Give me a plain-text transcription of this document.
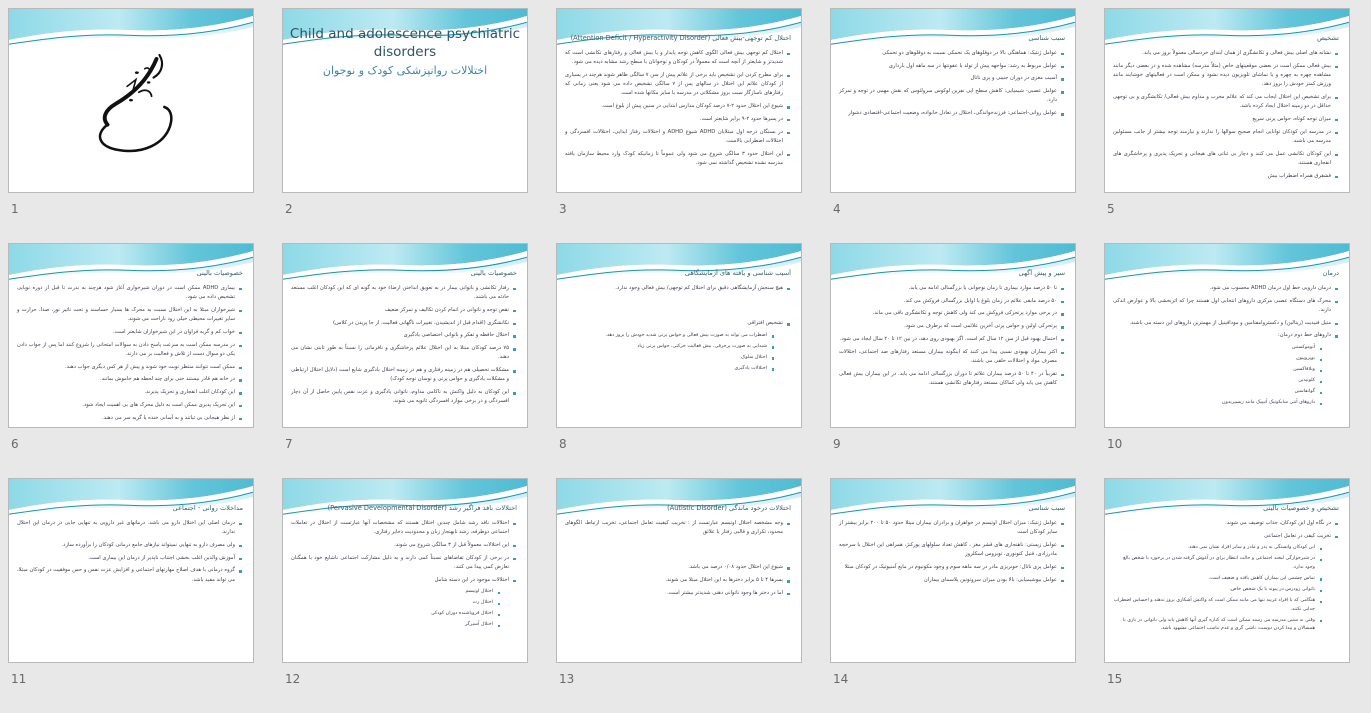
1
Child and adolescence psychiatric disorders
اختلالات روانپزشکی کودک و نوجوان
2
اختلال کم توجهی-بیش فعالی (Attention Deficit / Hyperactivity Disorder)
اختلال کم توجهی بیش فعالی الگوی کاهش توجه پایدار و یا بیش فعالی و رفتارهای تکانشی است که شدیدتر و شایعتر از آنچه است که معمولاً در کودکان و نوجوانان با سطح رشد مشابه دیده می شود.
برای مطرح کردن این تشخیص باید برخی از علائم پیش از سن ۷ سالگی ظاهر شوند هرچند در بسیاری از کودکان علائم این اختلال در سالهای پس از ۷ سالگی تشخیص داده می شود یعنی زمانی که رفتارهای ناسازگار سبب بروز مشکلاتی در مدرسه یا سایر مکانها شده است.
شیوع این اختلال حدود ۲-۷ درصد کودکان مدارس ابتدایی در سنین پیش از بلوغ است.
در پسرها حدود ۲-۹ برابر شایعتر است.
در بستگان درجه اول مبتلایان ADHD شیوع ADHD و اختلالات رفتار ایذایی، اختلالات افسردگی و اختلالات اضطرابی بالاست.
این اختلال حدود ۳ سالگی شروع می شود ولی عموماً تا زمانیکه کودک وارد محیط سازمان یافته مدرسه نشده تشخیص گذاشته نمی شود.
3
سبب شناسی
عوامل ژنتیک: هماهنگی بالا در دوقلوهای یک تخمکی نسبت به دوقلوهای دو تخمکی
عوامل مربوط به رشد: مواجهه پیش از تولد با عفونتها در سه ماهه اول بارداری
آسیب مغزی در دوران جنینی و پری ناتال
عوامل عصبی- شیمیایی: کاهش سطح اپی نفرین لوکوس سرولئوس که نقش مهمی در توجه و تمرکز دارد.
عوامل روانی-اجتماعی: فرزندخواندگی، اختلال در تعادل خانواده، وضعیت اجتماعی-اقتصادی دشوار
4
تشخیص
نشانه های اصلی بیش فعالی و تکانشگری از همان ابتدای خردسالی معمولاً بروز می یابد.
بیش فعالی ممکن است در بعضی موقعیتهای خاص (مثلاً مدرسه) مشاهده شده و در بعضی دیگر مانند مشاهده چهره به چهره و یا تماشای تلویزیون دیده نشود و ممکن است در فعالیتهای خوشایند مانند ورزش کمتر خودش را بروز دهد.
برای تشخیص این اختلال ایجاب می کند که علائم مخرب و مداوم بیش فعالی/ تکانشگری و بی توجهی حداقل در دو زمینه اختلال ایجاد کرده باشد.
میزان توجه کوتاه، حواس پرتی سریع
در مدرسه این کودکان توانایی انجام صحیح سوالها را ندارند و نیازمند توجه بیشتر از جانب مسئولین مدرسه می باشند.
این کودکان تکانشی عمل می کنند و دچار بی ثباتی های هیجانی و تحریک پذیری و پرخاشگری های انفجاری هستند.
قشقرق همراه اضطراب بیش
5
خصوصیات بالینی
بیماری ADHD ممکن است در دوران شیرخواری آغاز شود هرچند به ندرت تا قبل از دوره نوپایی تشخیص داده می شود.
شیرخواران مبتلا به این اختلال نسبت به محرک ها بسیار حساسند و تحت تاثیر نور، صدا، حرارت و سایر تغییرات محیطی خیلی زود ناراحت می شوند.
خواب کم و گریه فراوان در این شیرخواران شایعتر است.
در مدرسه ممکن است به سرعت پاسخ دادن به سوالات امتحانی را شروع کنند اما پس از جواب دادن یکی دو سوال دست از تلاش و فعالیت بر می دارند.
ممکن است نتوانند منتظر نوبت خود شوند و پیش از هر کس دیگری جواب دهند.
در خانه هم قادر نیستند حتی برای چند لحظه هم خاموش بمانند.
این کودکان اغلب انفجاری و تحریک پذیرند.
این تحریک پذیری ممکن است به دلیل محرک های بی اهمیت ایجاد شود.
از نظر هیجانی بی ثباتند و به آسانی خنده یا گریه سر می دهند.
6
خصوصیات بالینی
رفتار تکانشی و ناتوانی بیمار در به تعویق انداختن ارضاء خود به گونه ای که این کودکان اغلب مستعد حادثه می باشند.
نقص توجه و ناتوانی در اتمام کردن تکالیف و تمرکز ضعیف
تکانشگری (اقدام قبل از اندیشیدن، تغییرات ناگهانی فعالیت، از جا پریدن در کلاس)
اختلال حافظه و تفکر و ناتوانی اختصاصی یادگیری
۷۵ درصد کودکان مبتلا به این اختلال علائم پرخاشگری و نافرمانی را نسبتاً به طور ثابتی نشان می دهند.
مشکلات تحصیلی هم در زمینه رفتاری و هم در زمینه اختلال یادگیری شایع است (دلایل اختلال ارتباطی و مشکلات یادگیری و حواس پرتی و نوسان توجه کودک)
این کودکان به دلیل واکنش به ناکامی مداوم، ناتوانی یادگیری و عزت نفس پایین حاصل از آن دچار افسردگی و در برخی موارد افسردگی ثانویه می شوند.
7
آسیب شناسی و یافته های آزمایشگاهی
هیچ سنجش آزمایشگاهی دقیق برای اختلال کم توجهی/ بیش فعالی وجود ندارد.
تشخیص افتراقی
اضطراب می تواند به صورت بیش فعالی و حواس پرتی شدید خودش را بروز دهد.
شیدایی به صورت پرحرفی، بیش فعالیت حرکتی، حواس پرتی زیاد
اختلال سلوک
اختلالات یادگیری
8
سیر و پیش آگهی
تا ۵۰ درصد موارد بیماری تا زمان نوجوانی یا بزرگسالی ادامه می یابد.
۵۰ درصد مابقی علائم در زمان بلوغ یا اوایل بزرگسالی فروکش می کند.
در برخی موارد پرتحرکی فروکش می کند ولی کاهش توجه و تکانشگری باقی می ماند.
پرتحرکی اولین و حواس پرتی آخرین علائمی است که برطرف می شود.
احتمال بهبود قبل از سن ۱۲ سال کم است. اگر بهبودی روی دهد، در بین ۱۲ تا ۲۰ سال ایجاد می شود.
اکثر بیماران بهبودی نسبی پیدا می کنند که اینگونه بیماران مستعد رفتارهای ضد اجتماعی، اختلالات مصرف مواد و اختلالات خلقی می باشند.
تقریباً در ۴۰ تا ۵۰ درصد بیماران علائم تا دوران بزرگسالی ادامه می یابد. در این بیماران بیش فعالی کاهش می یابد ولی کماکان مستعد رفتارهای تکانشی هستند.
9
درمان
درمان دارویی خط اول درمان ADHD محسوب می شود.
محرک های دستگاه عصبی مرکزی داروهای انتخابی اول هستند چرا که اثربخشی بالا و عوارض اندکی دارند.
متیل فنیدیت (ریتالین) و دکستروامفتامین و مودافینیل از مهمترین داروهای این دسته می باشند.
داروهای خط دوم درمان:
آتوموکستین
بوپروپیون
ونلافاکسین
کلونیدین
گوانفاسین
داروهای آنتی سایکوتیک آتیپیک مانند ریسپریدون
10
مداخلات روانی - اجتماعی
درمان اصلی این اختلال دارو می باشد. درمانهای غیر دارویی به تنهایی جایی در درمان این اختلال ندارند.
ولی مصرف دارو به تنهایی نمیتواند نیازهای جامع درمانی کودکان را برآورده سازد.
آموزش والدین اغلب بخشی اجتناب ناپذیر از درمان این بیماری است.
گروه درمانی با هدف اصلاح مهارتهای اجتماعی و افزایش عزت نفس و حس موفقیت در کودکان مبتلا، می تواند مفید باشد.
11
اختلالات نافذ فراگیر رشد (Pervasive Developmental Disorder)
اختلالات نافذ رشد شامل چندین اختلال هستند که مشخصات آنها عبارتست از اختلال در تعاملات اجتماعی دوطرفه، رشد نابهنجار زبان و محدودیت ذخایر رفتاری.
این اختلالات معمولاً قبل از ۳ سالگی شروع می شوند.
در برخی از کودکان تقاضاهای نسبتاً کمی دارند و به دلیل مشارکت اجتماعی ناشایع خود با همگنان تعارض کمی پیدا می کنند.
اختلالات موجود در این دسته شامل
اختلال اوتیسم
اختلال رت
اختلال فروپاشنده دوران کودکی
اختلال آسپرگر
12
اختلالات درخود ماندگی (Autistic Disorder)
وجه مشخصه اختلال اوتیسم عبارتست از : تخریب کیفیت تعامل اجتماعی، تخریب ارتباط، الگوهای محدود، تکراری و قالبی رفتار یا علائق
شیوع این اختلال حدود ۰/۰۸ درصد می باشد.
پسرها ۴ تا ۵ برابر دخترها به این اختلال مبتلا می شوند.
اما در دختر ها وجود ناتوانی ذهنی شدیدتر بیشتر است.
13
سبب شناسی
عوامل ژنتیک: میزان اختلال اوتیسم در خواهران و برادران بیماران مبتلا حدود ۵۰ تا ۲۰۰ برابر بیشتر از سایر کودکان است
عوامل زیستی: ناهنجاری های قشر مغز ، کاهش تعداد سلولهای پورکنژ، همراهی این اختلال با سرخجه مادرزادی، فنیل کتونوری، توبروس اسکلروز
عوامل پری ناتال: خونریزی مادر در سه ماهه سوم و وجود مکونیوم در مایع آمنیوتیک در کودکان مبتلا
عوامل بیوشیمیایی: بالا بودن میزان سروتونین پلاسمای بیماران
14
تشخیص و خصوصیات بالینی
در نگاه اول این کودکان، جذاب توصیف می شوند.
تخریب کیفی در تعامل اجتماعی
این کودکان وابستگی به پدر و مادر و سایر افراد نشان نمی دهند.
در شیرخوارگی لبخند اجتماعی و حالت انتظار برای در آغوش گرفته شدن در برخورد با شخص بالغ وجود ندارد.
تماس چشمی این بیماران کاهش یافته و ضعیف است.
ناتوانی زودرس در پیوند با یک شخص خاص.
هنگامی که با افراد غریبه تنها می مانند ممکن است که واکنش آشکاری بروز ندهند و احساس اضطراب جدایی نکنند.
وقتی به سنین مدرسه می رسند ممکن است که کناره گیری آنها کاهش یابد ولی ناتوانی در بازی با همسالان و پیدا کردن دوست، ناشی گری و عدم تناسب اجتماعی مشهود باشد.
15
